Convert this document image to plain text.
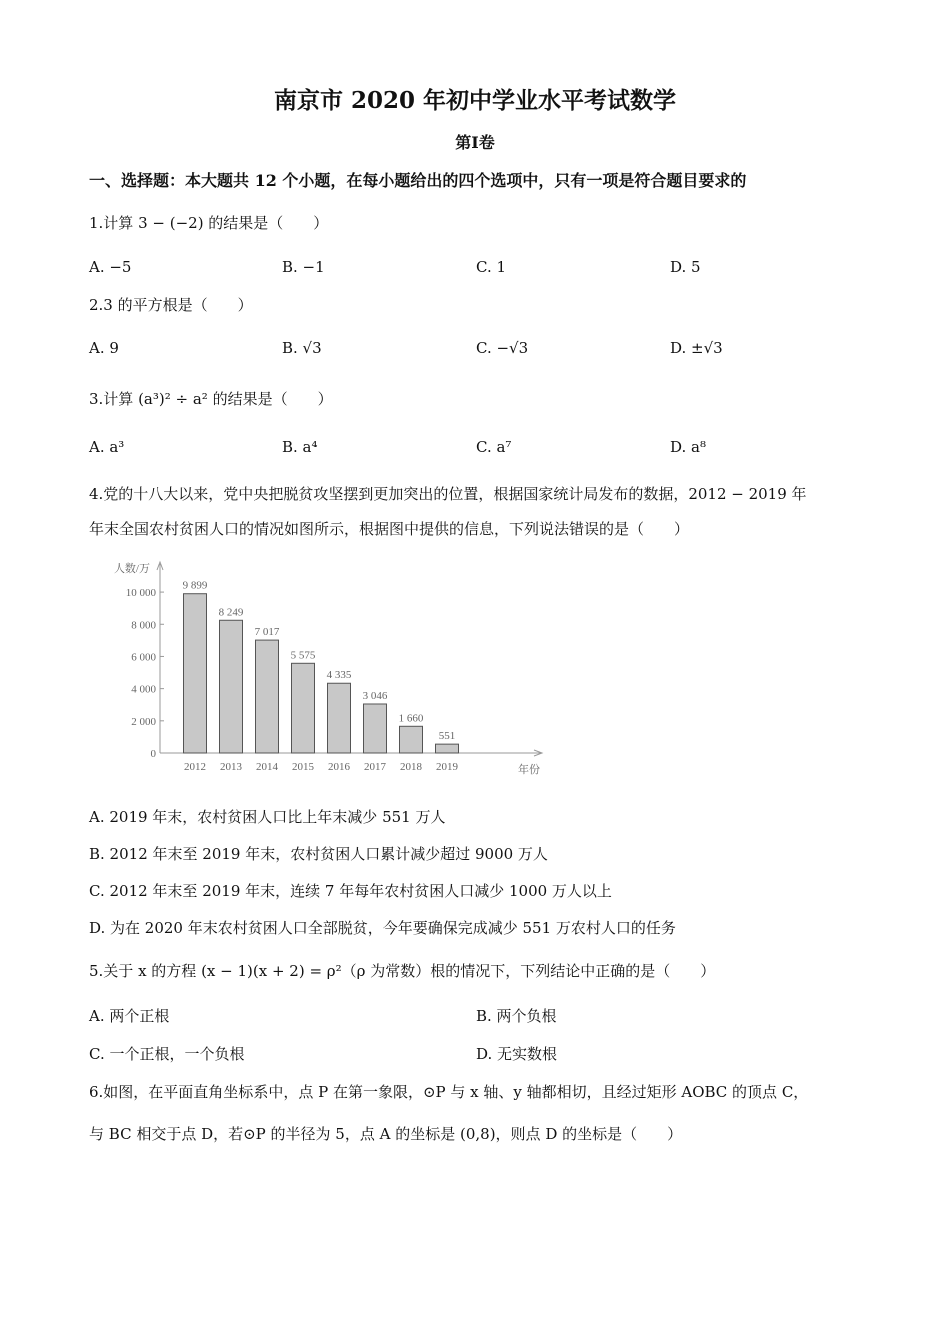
南京市 2020 年初中学业水平考试数学
第Ⅰ卷
一、选择题：本大题共 12 个小题，在每小题给出的四个选项中，只有一项是符合题目要求的
1.计算 3 − (−2) 的结果是（　　）
A. −5	B. −1	C. 1	D. 5
2.3 的平方根是（　　）
A. 9	B. √3	C. −√3	D. ±√3
3.计算 (a³)² ÷ a² 的结果是（　　）
A. a³	B. a⁴	C. a⁷	D. a⁸
4.党的十八大以来，党中央把脱贫攻坚摆到更加突出的位置，根据国家统计局发布的数据，2012 − 2019 年
年末全国农村贫困人口的情况如图所示，根据图中提供的信息，下列说法错误的是（　　）
人数/万
年份
0
2 000
4 000
6 000
8 000
10 000
9 899
2012
8 249
2013
7 017
2014
5 575
2015
4 335
2016
3 046
2017
1 660
2018
551
2019
A. 2019 年末，农村贫困人口比上年末减少 551 万人
B. 2012 年末至 2019 年末，农村贫困人口累计减少超过 9000 万人
C. 2012 年末至 2019 年末，连续 7 年每年农村贫困人口减少 1000 万人以上
D. 为在 2020 年末农村贫困人口全部脱贫，今年要确保完成减少 551 万农村人口的任务
5.关于 x 的方程 (x − 1)(x + 2) = ρ²（ρ 为常数）根的情况下，下列结论中正确的是（　　）
A. 两个正根	B. 两个负根
C. 一个正根，一个负根	D. 无实数根
6.如图，在平面直角坐标系中，点 P 在第一象限，⊙P 与 x 轴、y 轴都相切，且经过矩形 AOBC 的顶点 C，
与 BC 相交于点 D，若⊙P 的半径为 5，点 A 的坐标是 (0,8)，则点 D 的坐标是（　　）
